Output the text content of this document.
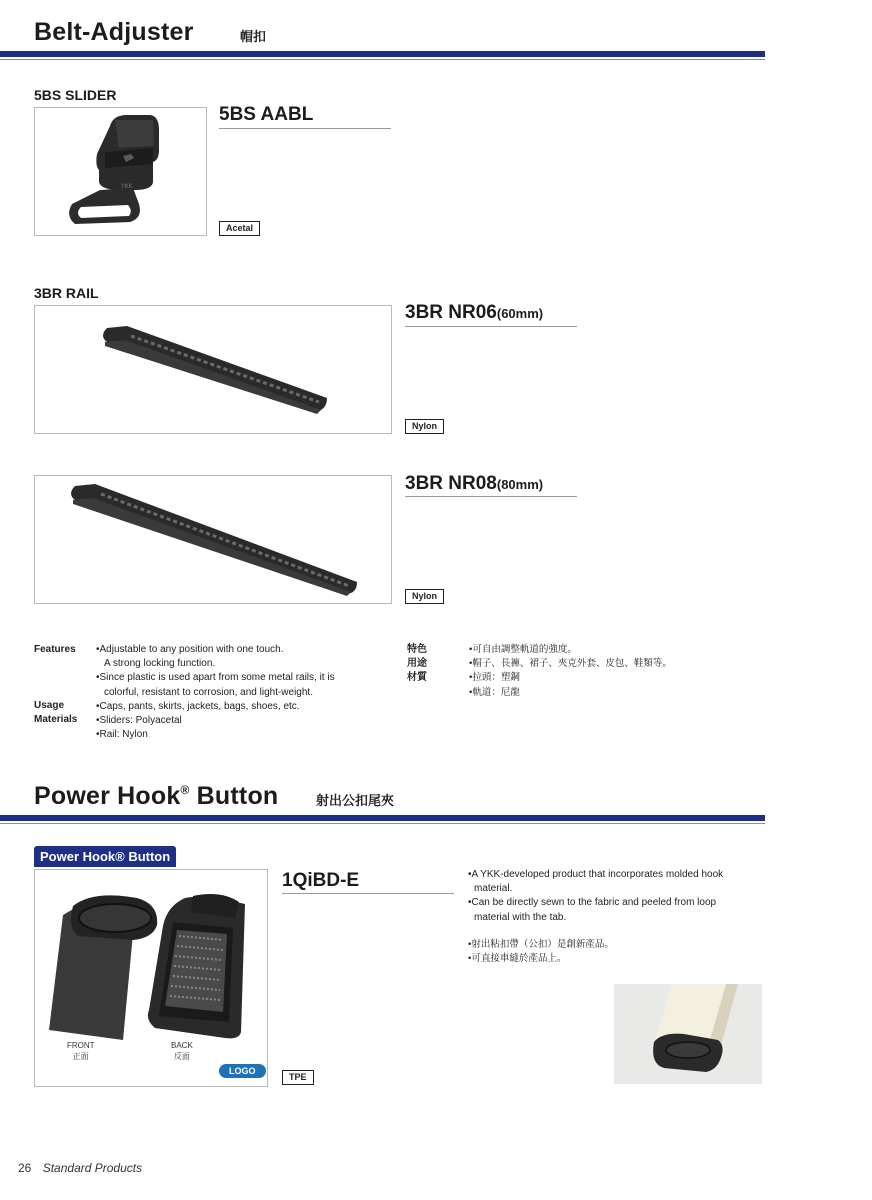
Belt-Adjuster	帽扣
5BS SLIDER
YKK
5BS AABL
Acetal
3BR RAIL
3BR NR06(60mm)
Nylon
3BR NR08(80mm)
Nylon
Features
Usage
Materials
•Adjustable to any position with one touch.
A strong locking function.
•Since plastic is used apart from some metal rails, it is
colorful, resistant to corrosion, and light-weight.
•Caps, pants, skirts, jackets, bags, shoes, etc.
•Sliders: Polyacetal
•Rail: Nylon
特色
用途
材質
•可自由調整軌道的強度。
•帽子、長褲、裙子、夾克外套、皮包、鞋類等。
•拉頭：塑鋼
•軌道：尼龍
Power Hook® Button	射出公扣尾夾
Power Hook® Button
FRONT
正面
BACK
反面
LOGO
1QiBD-E
TPE
•A YKK-developed product that incorporates molded hook
material.
•Can be directly sewn to the fabric and peeled from loop
material with the tab.
•射出粘扣帶（公扣）是創新產品。
•可直接車縫於產品上。
26 Standard Products
